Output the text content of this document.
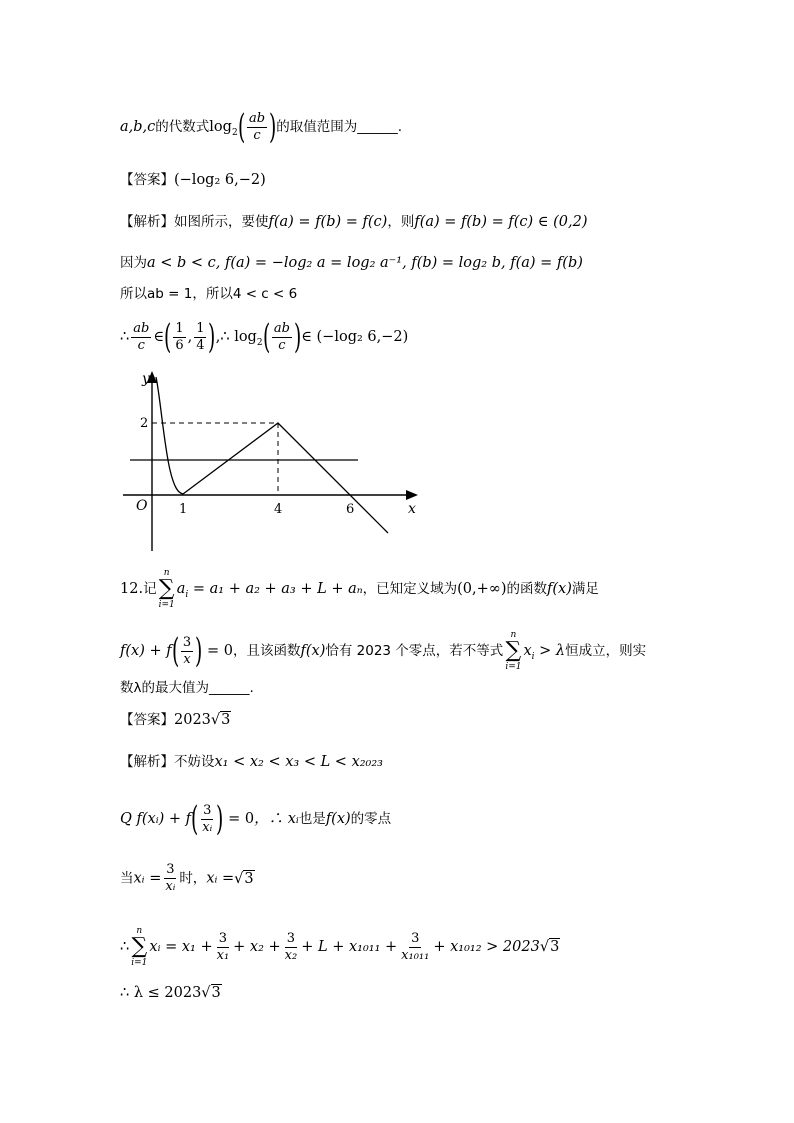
a,b,c的代数式$\log_2( \frac{ab}{c}$ )的取值范围为______.
【答案】(−log₂ 6,−2)
【解析】如图所示，要使f(a) = f(b) = f(c)，则f(a) = f(b) = f(c) ∈ (0,2)
因为a < b < c, f(a) = −log₂ a = log₂ a⁻¹, f(b) = log₂ b, f(a) = f(b)
所以ab = 1，所以4 < c < 6
∴ $\frac{ab}{c}$ ∈( $\frac{1}{6}$ , $\frac{1}{4}$ ),∴ $\log_2( \frac{ab}{c}$ )∈ (−log₂ 6,−2)
y
x
O
2
1	4	6
12.记
n
∑
i=1
$a_i = a_1 + a_2 + a_3 + L + a_n$，已知定义域为(0,+∞)的函数f(x)满足
$f(x) + f( \frac{3}{x}$ ) = 0，且该函数f(x)恰有 2023 个零点，若不等式
n
∑
i=1
$x_i > \lambda$恒成立，则实
数λ的最大值为______.
【答案】2023√3
【解析】不妨设x₁ < x₂ < x₃ < L < x₂₀₂₃
Q f(xᵢ) + $f( \frac{3}{\text{xᵢ}}$ ) = 0，∴ xᵢ也是f(x)的零点
当xᵢ = $\frac{3}{\text{xᵢ}}$ 时，xᵢ =√3
∴
n
∑
i=1
xᵢ = $x_1 + \frac{3}{\text{x₁}} + x_2 + \frac{3}{\text{x₂}} + L + x_{1011} + \frac{3}{\text{x₁₀₁₁}} + x_{1012} > 2023√3$
∴ λ ≤ 2023√3
